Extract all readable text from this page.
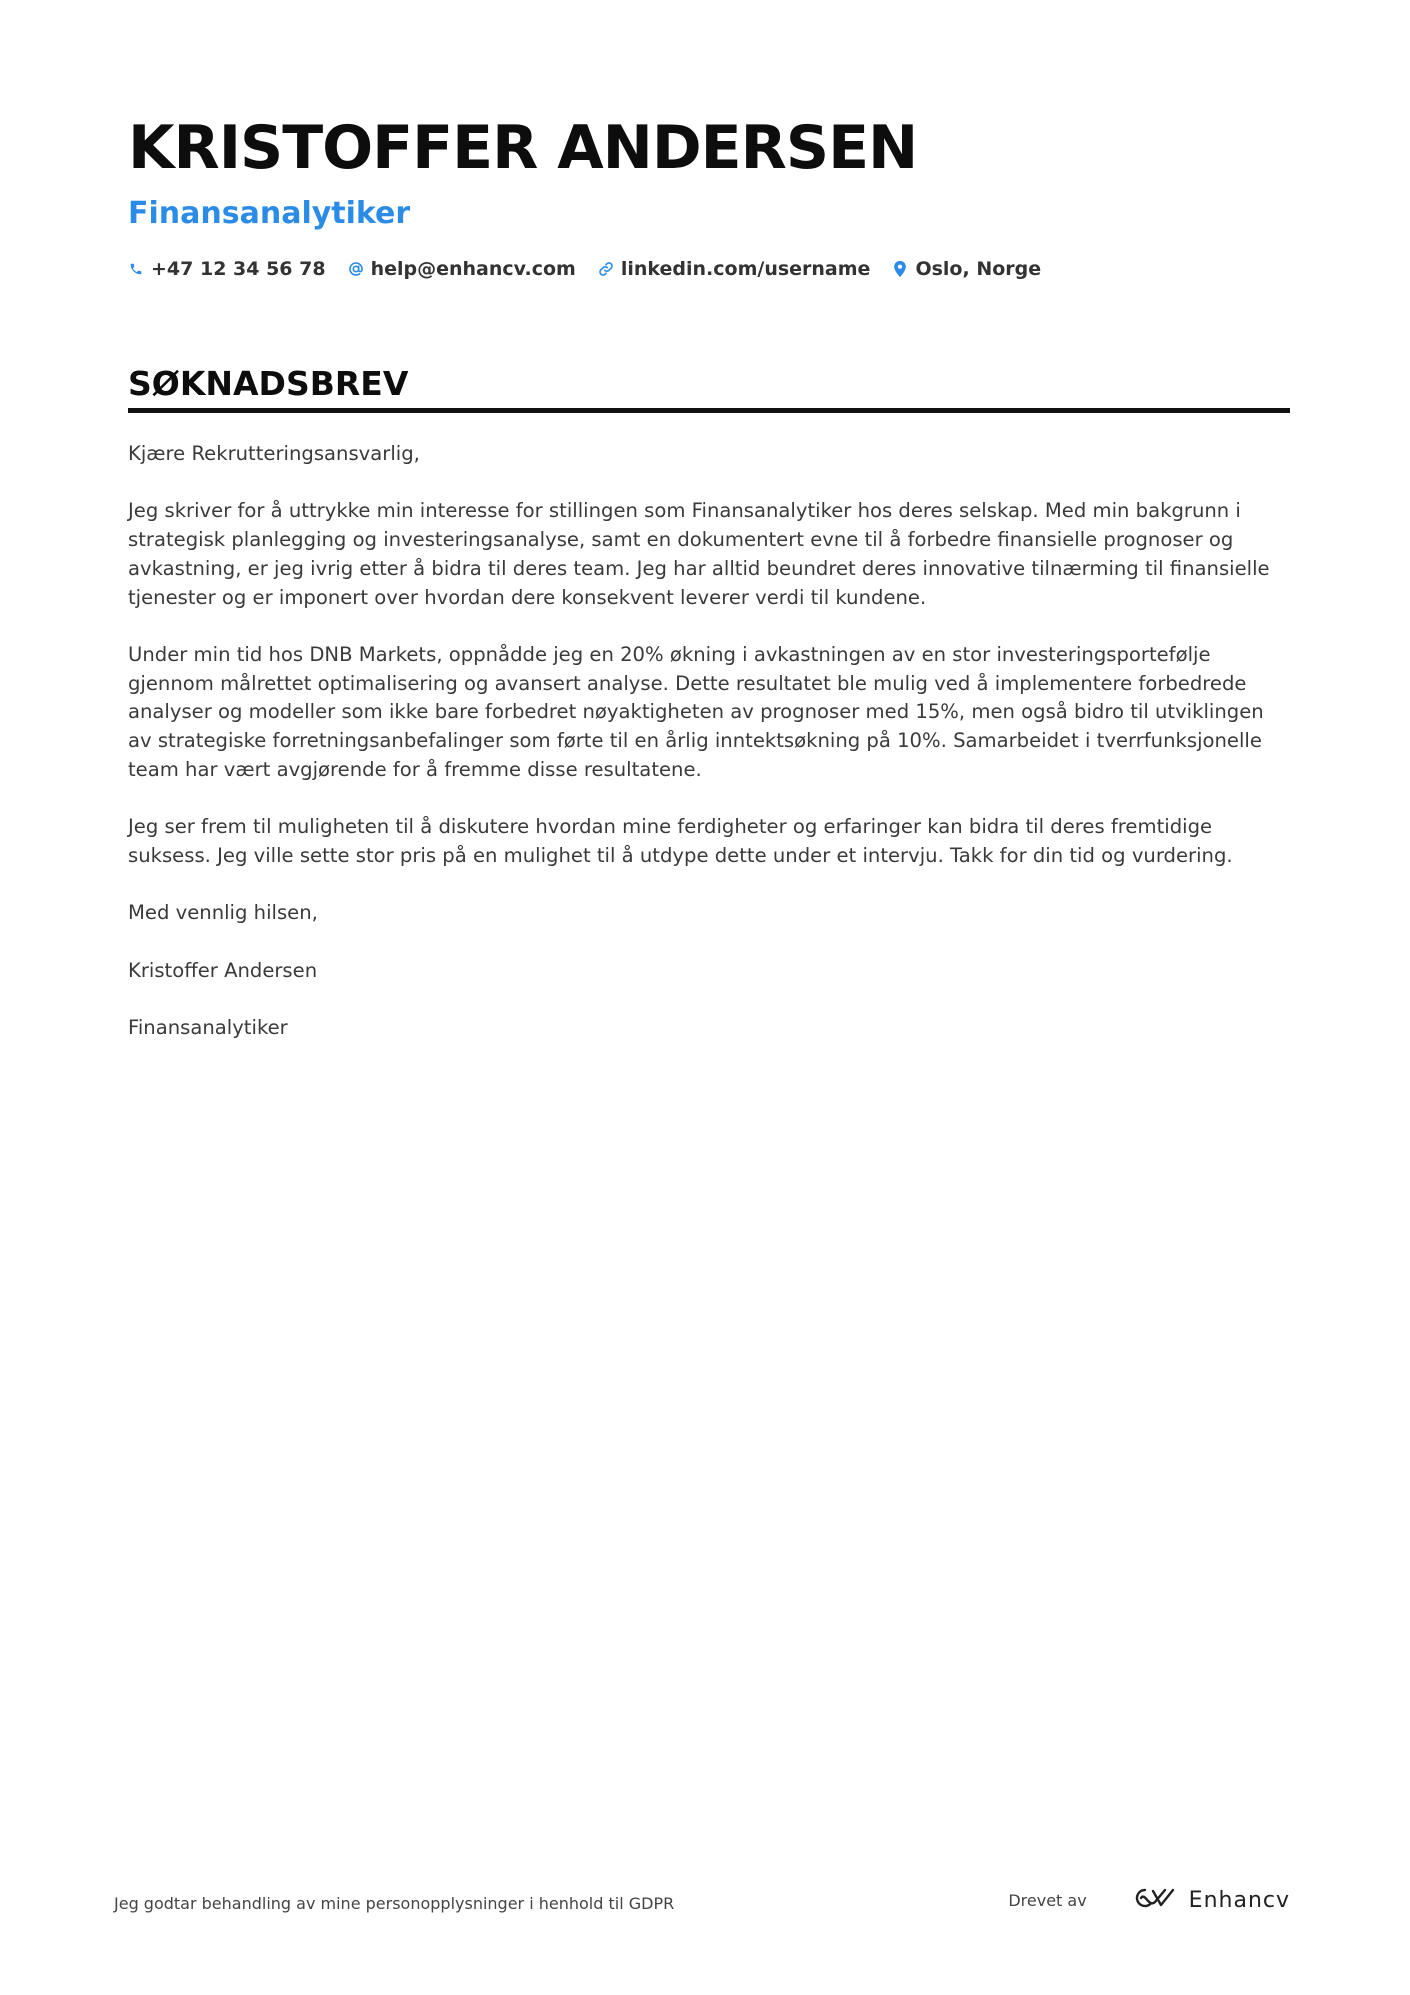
KRISTOFFER ANDERSEN
Finansanalytiker
+47 12 34 56 78 help@enhancv.com linkedin.com/username Oslo, Norge
SØKNADSBREV

Kjære Rekrutteringsansvarlig,

Jeg skriver for å uttrykke min interesse for stillingen som Finansanalytiker hos deres selskap. Med min bakgrunn i strategisk planlegging og investeringsanalyse, samt en dokumentert evne til å forbedre finansielle prognoser og avkastning, er jeg ivrig etter å bidra til deres team. Jeg har alltid beundret deres innovative tilnærming til finansielle tjenester og er imponert over hvordan dere konsekvent leverer verdi til kundene.

Under min tid hos DNB Markets, oppnådde jeg en 20% økning i avkastningen av en stor investeringsportefølje gjennom målrettet optimalisering og avansert analyse. Dette resultatet ble mulig ved å implementere forbedrede analyser og modeller som ikke bare forbedret nøyaktigheten av prognoser med 15%, men også bidro til utviklingen av strategiske forretningsanbefalinger som førte til en årlig inntektsøkning på 10%. Samarbeidet i tverrfunksjonelle team har vært avgjørende for å fremme disse resultatene.

Jeg ser frem til muligheten til å diskutere hvordan mine ferdigheter og erfaringer kan bidra til deres fremtidige suksess. Jeg ville sette stor pris på en mulighet til å utdype dette under et intervju. Takk for din tid og vurdering.

Med vennlig hilsen,

Kristoffer Andersen

Finansanalytiker

Jeg godtar behandling av mine personopplysninger i henhold til GDPR	Drevet av	Enhancv
